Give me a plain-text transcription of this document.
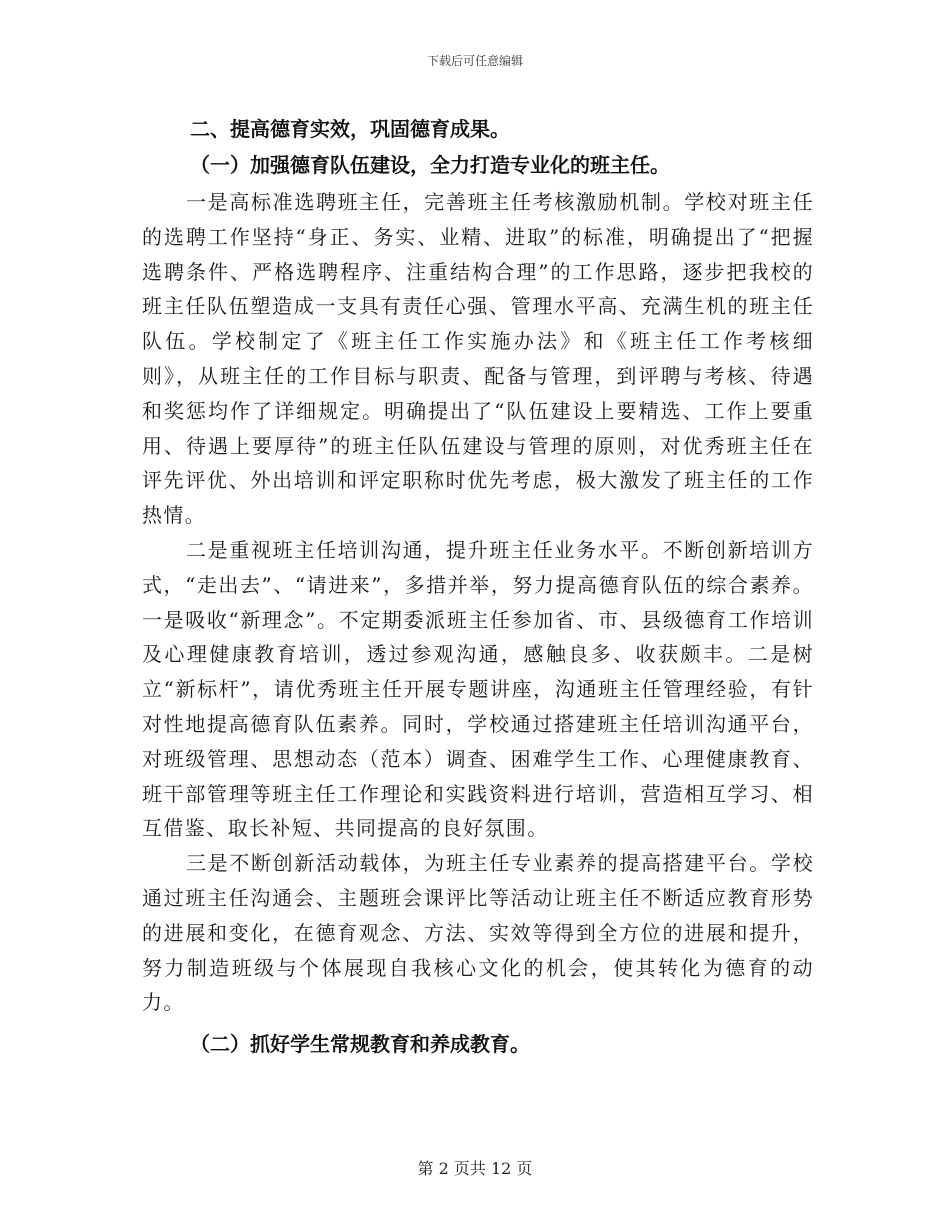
下载后可任意编辑
二、提高德育实效，巩固德育成果。
（一）加强德育队伍建设，全力打造专业化的班主任。

一是高标准选聘班主任，完善班主任考核激励机制。学校对班主任的选聘工作坚持“身正、务实、业精、进取”的标准，明确提出了“把握选聘条件、严格选聘程序、注重结构合理”的工作思路，逐步把我校的班主任队伍塑造成一支具有责任心强、管理水平高、充满生机的班主任队伍。学校制定了《班主任工作实施办法》和《班主任工作考核细则》，从班主任的工作目标与职责、配备与管理，到评聘与考核、待遇和奖惩均作了详细规定。明确提出了“队伍建设上要精选、工作上要重用、待遇上要厚待”的班主任队伍建设与管理的原则，对优秀班主任在评先评优、外出培训和评定职称时优先考虑，极大激发了班主任的工作热情。

二是重视班主任培训沟通，提升班主任业务水平。不断创新培训方式，“走出去”、“请进来”，多措并举，努力提高德育队伍的综合素养。一是吸收“新理念”。不定期委派班主任参加省、市、县级德育工作培训及心理健康教育培训，透过参观沟通，感触良多、收获颇丰。二是树立“新标杆”，请优秀班主任开展专题讲座，沟通班主任管理经验，有针对性地提高德育队伍素养。同时，学校通过搭建班主任培训沟通平台，对班级管理、思想动态（范本）调查、困难学生工作、心理健康教育、班干部管理等班主任工作理论和实践资料进行培训，营造相互学习、相互借鉴、取长补短、共同提高的良好氛围。

三是不断创新活动载体，为班主任专业素养的提高搭建平台。学校通过班主任沟通会、主题班会课评比等活动让班主任不断适应教育形势的进展和变化，在德育观念、方法、实效等得到全方位的进展和提升，努力制造班级与个体展现自我核心文化的机会，使其转化为德育的动力。

（二）抓好学生常规教育和养成教育。
第 2 页共 12 页
